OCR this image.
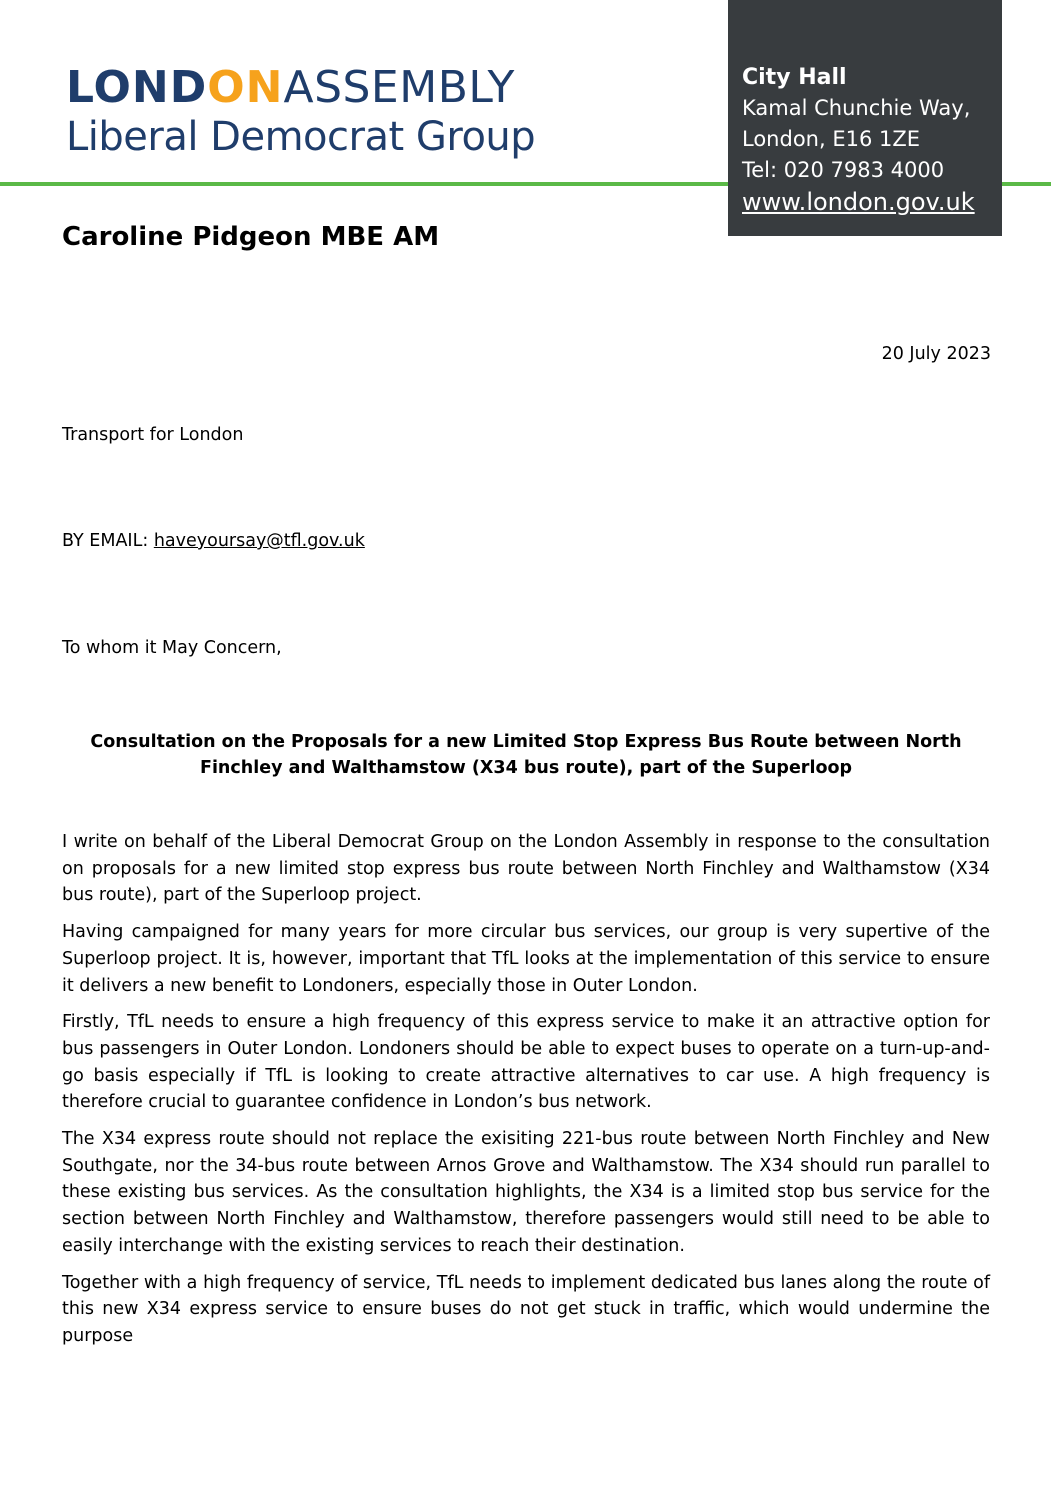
LONDONASSEMBLY
Liberal Democrat Group
City Hall
Kamal Chunchie Way,
London, E16 1ZE
Tel: 020 7983 4000
www.london.gov.uk
Caroline Pidgeon MBE AM
20 July 2023
Transport for London
BY EMAIL: haveyoursay@tfl.gov.uk
To whom it May Concern,
Consultation on the Proposals for a new Limited Stop Express Bus Route between North Finchley and Walthamstow (X34 bus route), part of the Superloop

I write on behalf of the Liberal Democrat Group on the London Assembly in response to the consultation on proposals for a new limited stop express bus route between North Finchley and Walthamstow (X34 bus route), part of the Superloop project.

Having campaigned for many years for more circular bus services, our group is very supertive of the Superloop project. It is, however, important that TfL looks at the implementation of this service to ensure it delivers a new benefit to Londoners, especially those in Outer London.

Firstly, TfL needs to ensure a high frequency of this express service to make it an attractive option for bus passengers in Outer London. Londoners should be able to expect buses to operate on a turn-up-and-go basis especially if TfL is looking to create attractive alternatives to car use. A high frequency is therefore crucial to guarantee confidence in London’s bus network.

The X34 express route should not replace the exisiting 221-bus route between North Finchley and New Southgate, nor the 34-bus route between Arnos Grove and Walthamstow. The X34 should run parallel to these existing bus services. As the consultation highlights, the X34 is a limited stop bus service for the section between North Finchley and Walthamstow, therefore passengers would still need to be able to easily interchange with the existing services to reach their destination.

Together with a high frequency of service, TfL needs to implement dedicated bus lanes along the route of this new X34 express service to ensure buses do not get stuck in traffic, which would undermine the purpose
